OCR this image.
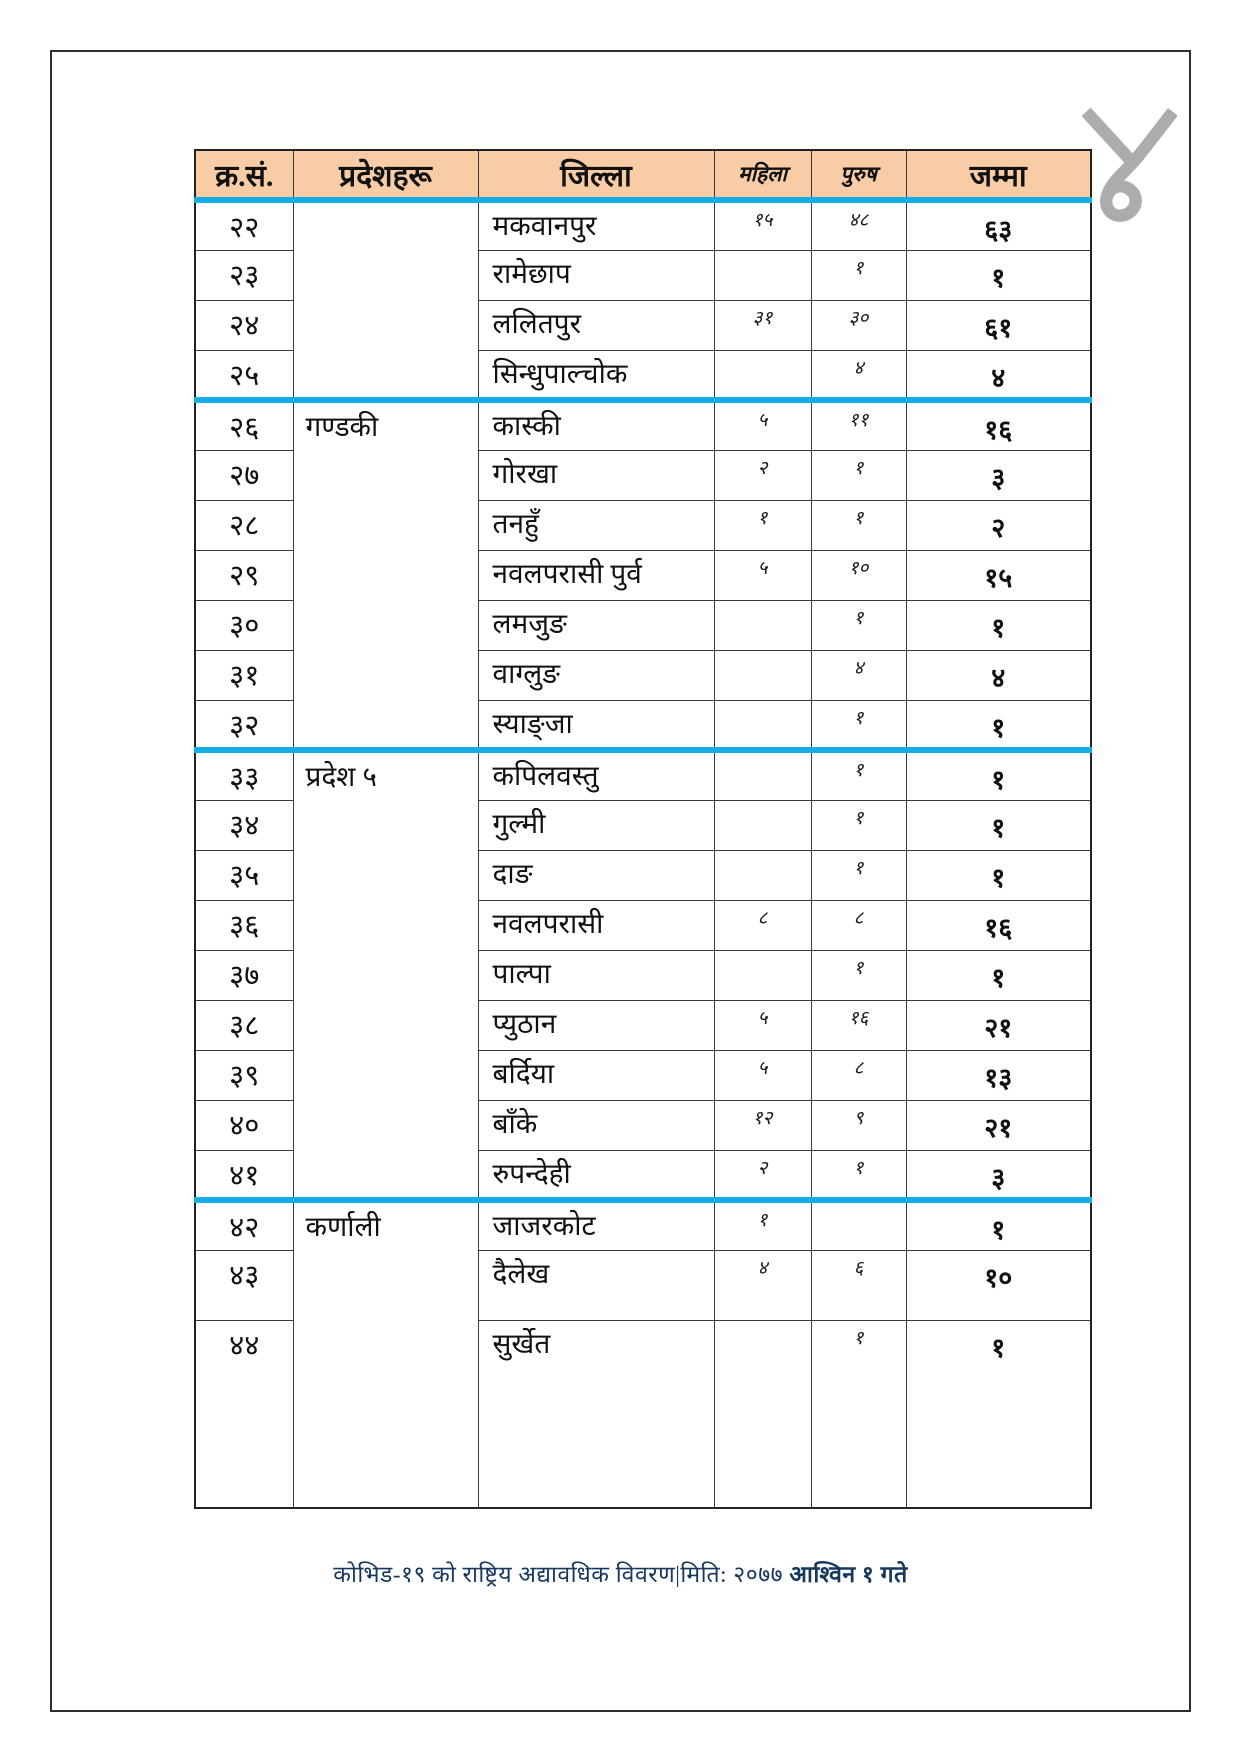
क्र.सं.	प्रदेशहरू	जिल्ला	महिला	पुरुष	जम्मा
२२		मकवानपुर	१५	४८	६३
२३		रामेछाप		१	१
२४		ललितपुर	३१	३०	६१
२५		सिन्धुपाल्चोक		४	४
२६	गण्डकी	कास्की	५	११	१६
२७		गोरखा	२	१	३
२८		तनहुँ	१	१	२
२९		नवलपरासी पुर्व	५	१०	१५
३०		लमजुङ		१	१
३१		वाग्लुङ		४	४
३२		स्याङ्जा		१	१
३३	प्रदेश ५	कपिलवस्तु		१	१
३४		गुल्मी		१	१
३५		दाङ		१	१
३६		नवलपरासी	८	८	१६
३७		पाल्पा		१	१
३८		प्युठान	५	१६	२१
३९		बर्दिया	५	८	१३
४०		बाँके	१२	९	२१
४१		रुपन्देही	२	१	३
४२	कर्णाली	जाजरकोट	१		१
४३		दैलेख	४	६	१०
४४		सुर्खेत		१	१
कोभिड-१९ को राष्ट्रिय अद्यावधिक विवरण|मिति: २०७७ आश्विन १ गते
